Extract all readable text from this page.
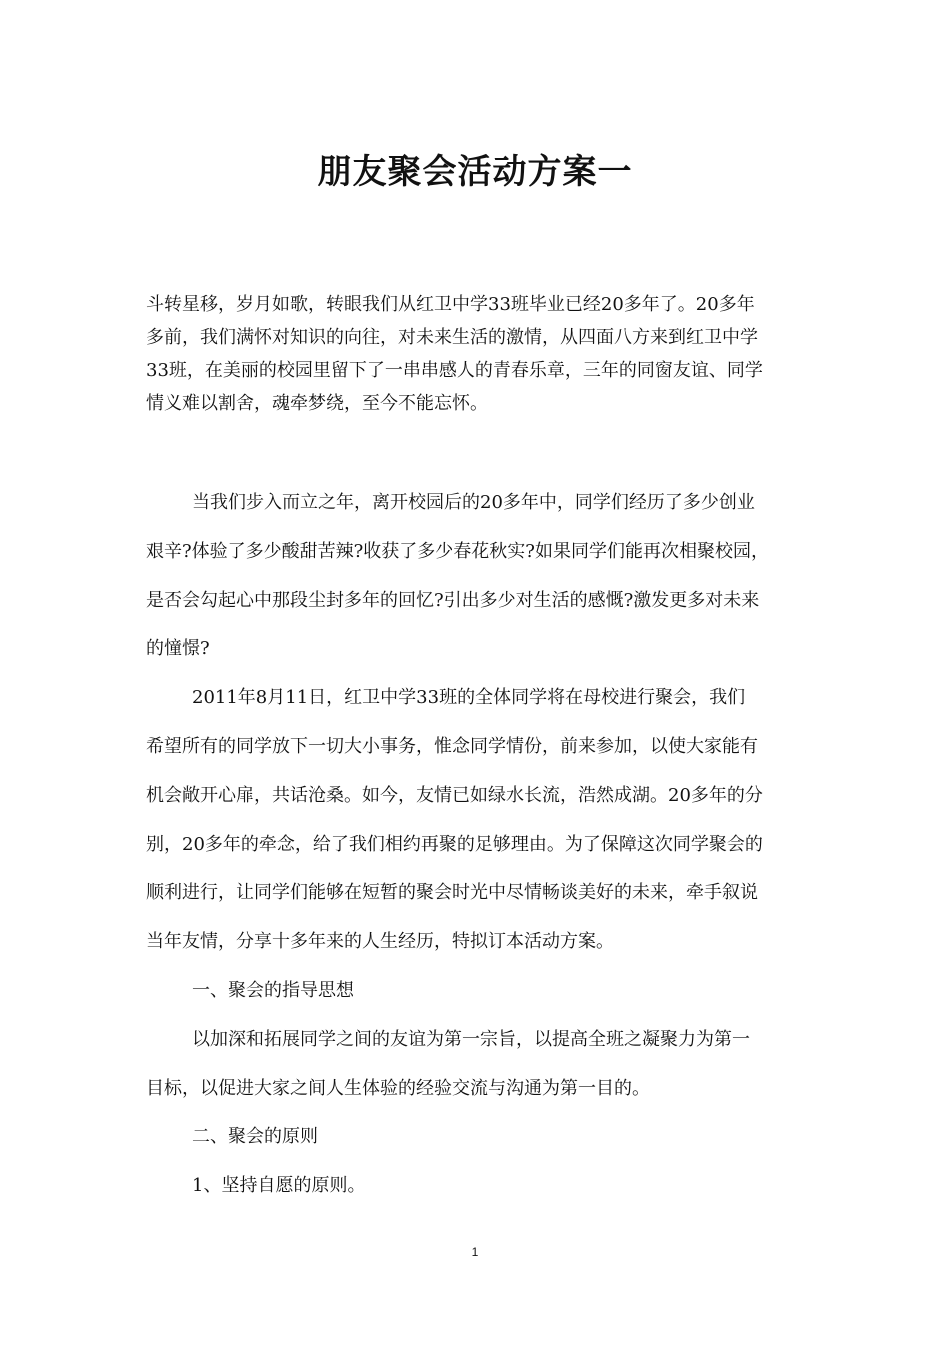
朋友聚会活动方案一
斗转星移，岁月如歌，转眼我们从红卫中学33班毕业已经20多年了。20多年
多前，我们满怀对知识的向往，对未来生活的激情，从四面八方来到红卫中学
33班，在美丽的校园里留下了一串串感人的青春乐章，三年的同窗友谊、同学
情义难以割舍，魂牵梦绕，至今不能忘怀。
当我们步入而立之年，离开校园后的20多年中，同学们经历了多少创业
艰辛?体验了多少酸甜苦辣?收获了多少春花秋实?如果同学们能再次相聚校园，
是否会勾起心中那段尘封多年的回忆?引出多少对生活的感慨?激发更多对未来
的憧憬?
2011年8月11日，红卫中学33班的全体同学将在母校进行聚会，我们
希望所有的同学放下一切大小事务，惟念同学情份，前来参加，以使大家能有
机会敞开心扉，共话沧桑。如今，友情已如绿水长流，浩然成湖。20多年的分
别，20多年的牵念，给了我们相约再聚的足够理由。为了保障这次同学聚会的
顺利进行，让同学们能够在短暂的聚会时光中尽情畅谈美好的未来，牵手叙说
当年友情，分享十多年来的人生经历，特拟订本活动方案。
一、聚会的指导思想
以加深和拓展同学之间的友谊为第一宗旨，以提高全班之凝聚力为第一
目标，以促进大家之间人生体验的经验交流与沟通为第一目的。
二、聚会的原则
1、坚持自愿的原则。
1
